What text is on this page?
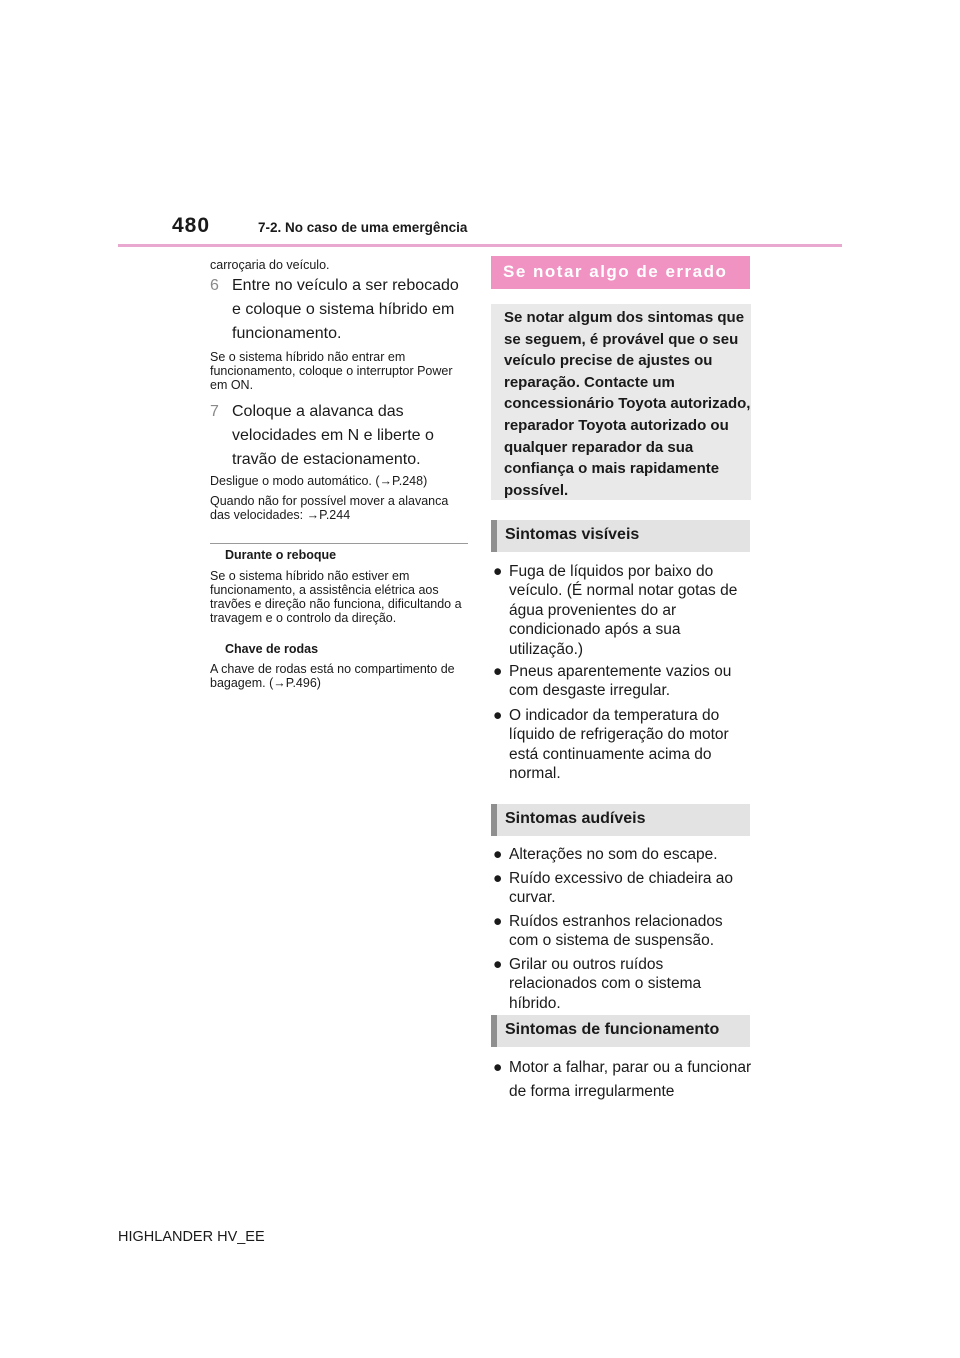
480	7-2. No caso de uma emergência
carroçaria do veículo.
6 Entre no veículo a ser rebocado e coloque o sistema híbrido em funcionamento.
Se o sistema híbrido não entrar em funcionamento, coloque o interruptor Power em ON.
7 Coloque a alavanca das velocidades em N e liberte o travão de estacionamento.
Desligue o modo automático. (→P.248)
Quando não for possível mover a alavanca das velocidades: →P.244
Durante o reboque
Se o sistema híbrido não estiver em funcionamento, a assistência elétrica aos travões e direção não funciona, dificultando a travagem e o controlo da direção.
Chave de rodas
A chave de rodas está no compartimento de bagagem. (→P.496)
Se notar algo de errado
Se notar algum dos sintomas que se seguem, é provável que o seu veículo precise de ajustes ou reparação. Contacte um concessionário Toyota autorizado, reparador Toyota autorizado ou qualquer reparador da sua confiança o mais rapidamente possível.
Sintomas visíveis
● Fuga de líquidos por baixo do veículo. (É normal notar gotas de água provenientes do ar condicionado após a sua utilização.)
● Pneus aparentemente vazios ou com desgaste irregular.
● O indicador da temperatura do líquido de refrigeração do motor está continuamente acima do normal.
Sintomas audíveis
● Alterações no som do escape.
● Ruído excessivo de chiadeira ao curvar.
● Ruídos estranhos relacionados com o sistema de suspensão.
● Grilar ou outros ruídos relacionados com o sistema híbrido.
Sintomas de funcionamento
● Motor a falhar, parar ou a funcionar de forma irregularmente
HIGHLANDER HV_EE
